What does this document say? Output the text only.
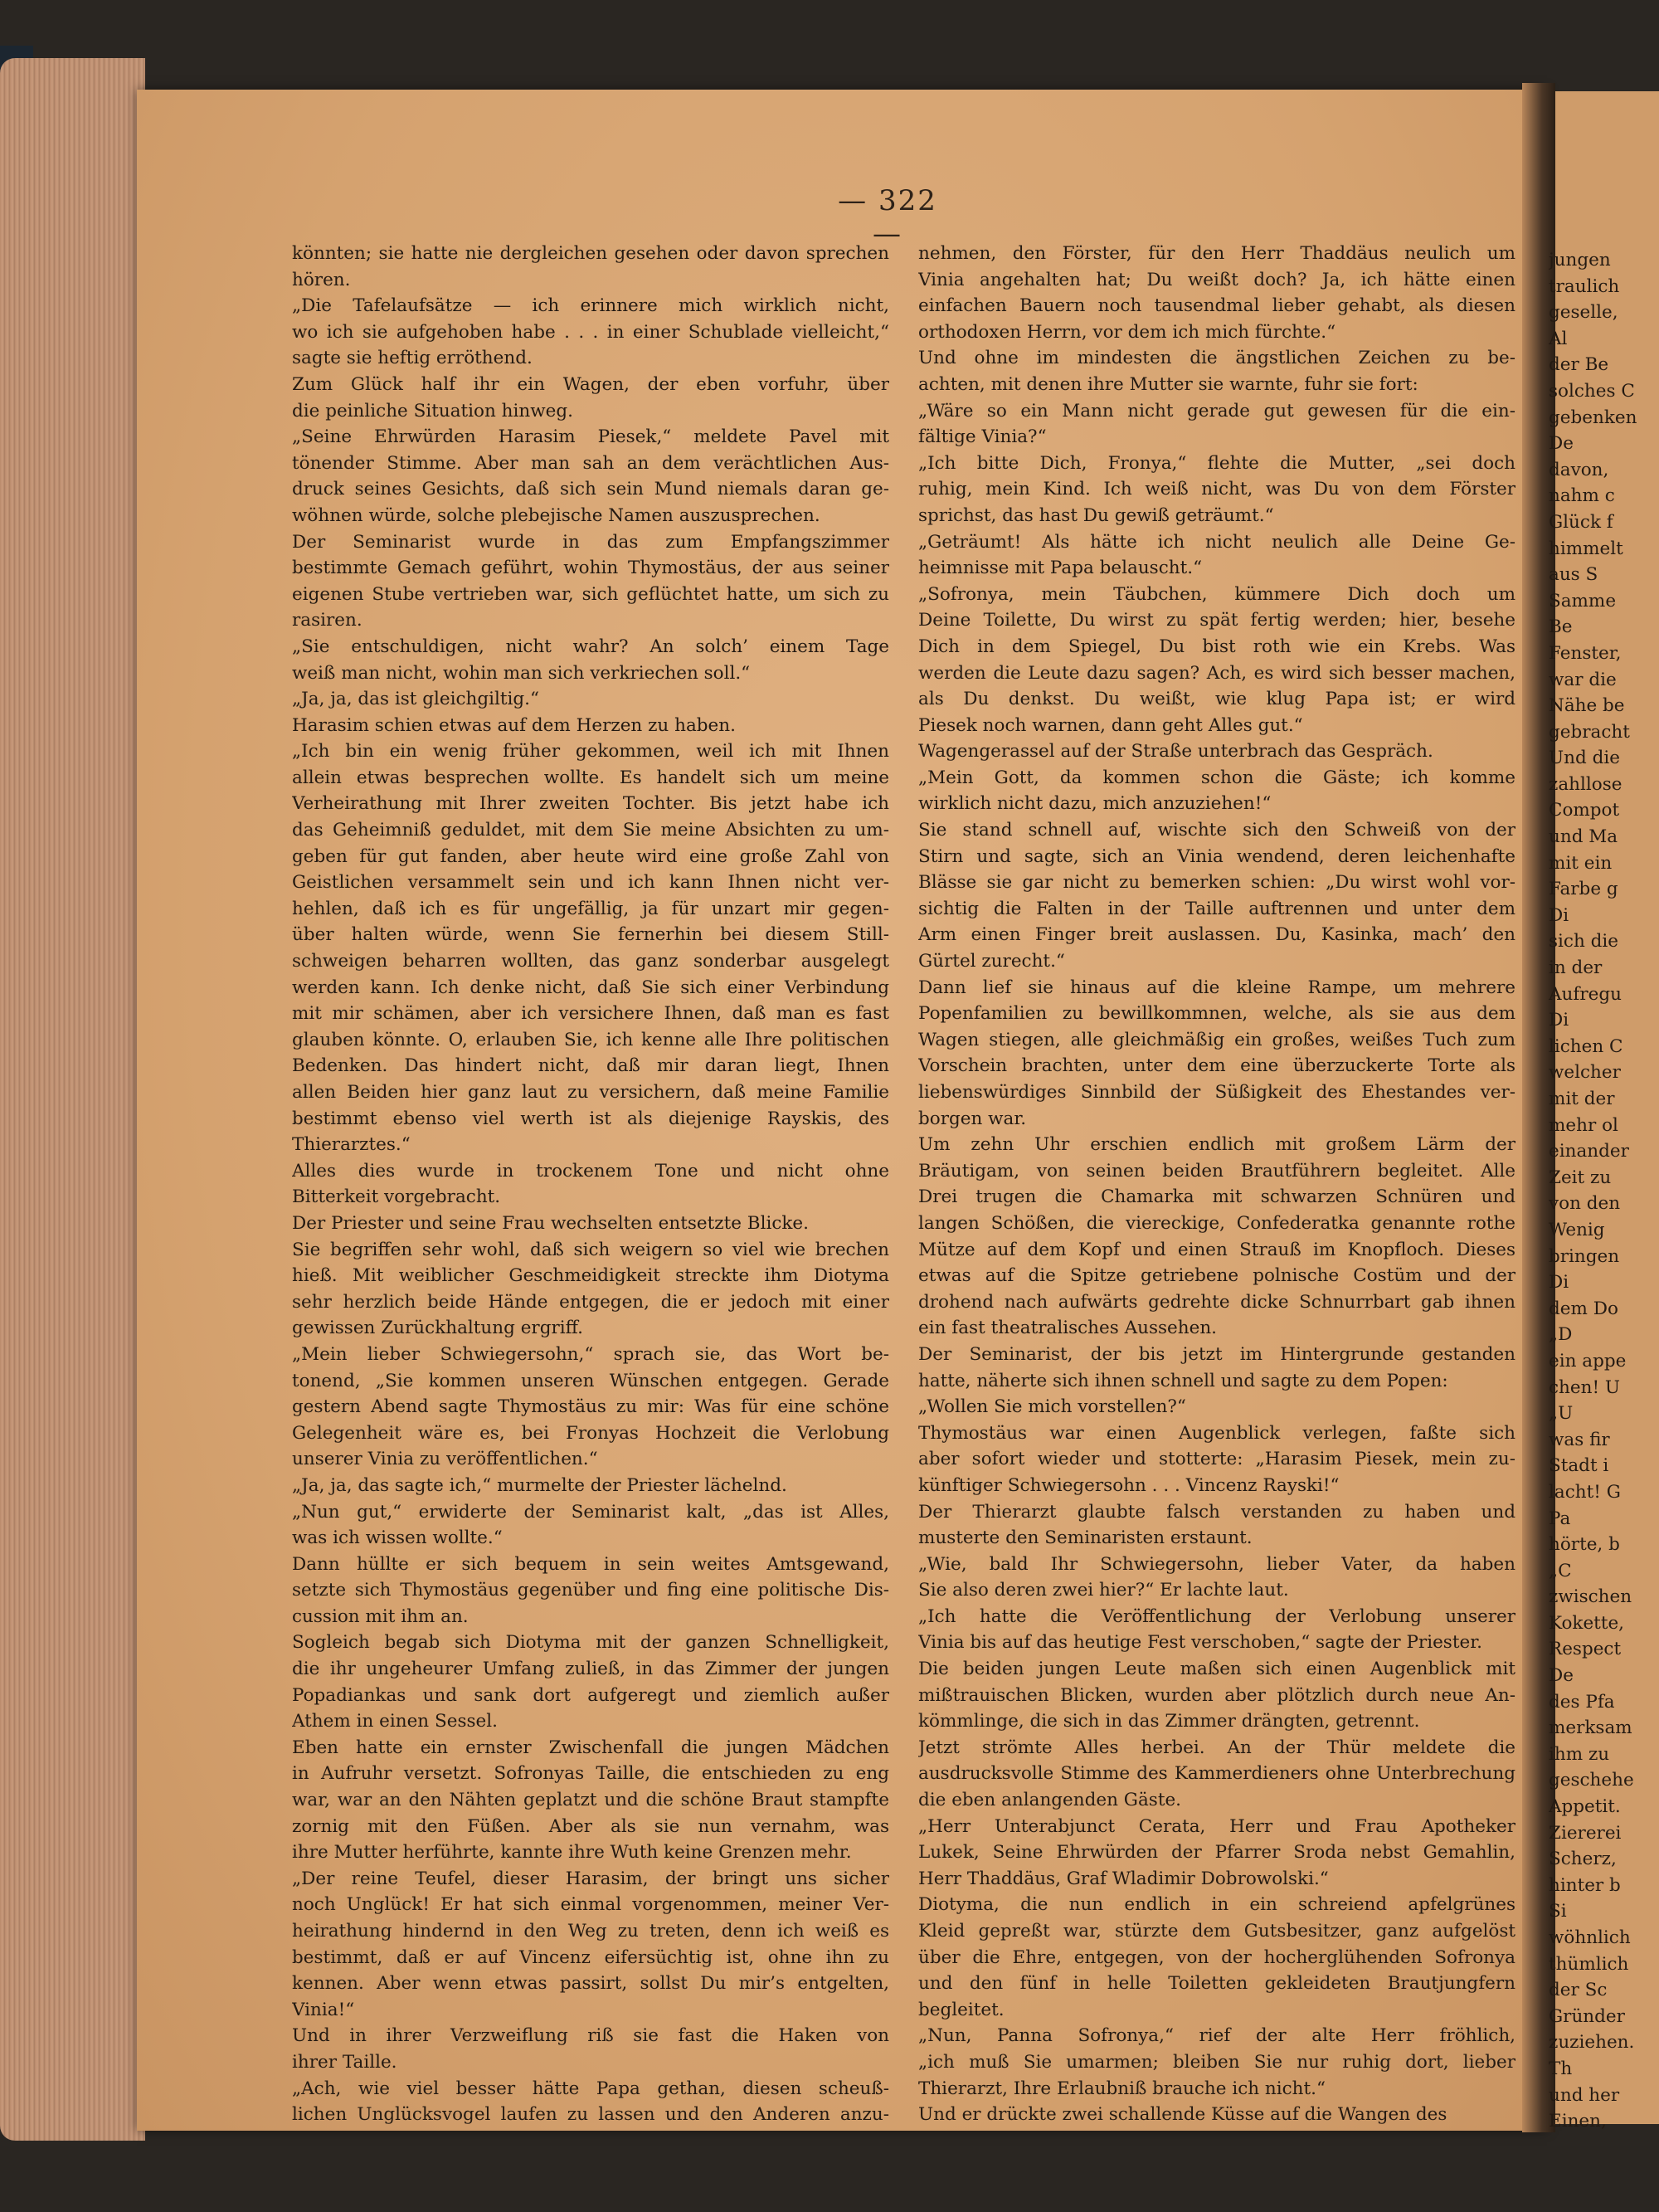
— 322 —
könnten; sie hatte nie dergleichen gesehen oder davon sprechen
hören.
„Die Tafelaufsätze — ich erinnere mich wirklich nicht,
wo ich sie aufgehoben habe . . . in einer Schublade vielleicht,“
sagte sie heftig erröthend.
Zum Glück half ihr ein Wagen, der eben vorfuhr, über
die peinliche Situation hinweg.
„Seine Ehrwürden Harasim Piesek,“ meldete Pavel mit
tönender Stimme. Aber man sah an dem verächtlichen Aus-
druck seines Gesichts, daß sich sein Mund niemals daran ge-
wöhnen würde, solche plebejische Namen auszusprechen.
Der Seminarist wurde in das zum Empfangszimmer
bestimmte Gemach geführt, wohin Thymostäus, der aus seiner
eigenen Stube vertrieben war, sich geflüchtet hatte, um sich zu
rasiren.
„Sie entschuldigen, nicht wahr? An solch’ einem Tage
weiß man nicht, wohin man sich verkriechen soll.“
„Ja, ja, das ist gleichgiltig.“
Harasim schien etwas auf dem Herzen zu haben.
„Ich bin ein wenig früher gekommen, weil ich mit Ihnen
allein etwas besprechen wollte. Es handelt sich um meine
Verheirathung mit Ihrer zweiten Tochter. Bis jetzt habe ich
das Geheimniß geduldet, mit dem Sie meine Absichten zu um-
geben für gut fanden, aber heute wird eine große Zahl von
Geistlichen versammelt sein und ich kann Ihnen nicht ver-
hehlen, daß ich es für ungefällig, ja für unzart mir gegen-
über halten würde, wenn Sie fernerhin bei diesem Still-
schweigen beharren wollten, das ganz sonderbar ausgelegt
werden kann. Ich denke nicht, daß Sie sich einer Verbindung
mit mir schämen, aber ich versichere Ihnen, daß man es fast
glauben könnte. O, erlauben Sie, ich kenne alle Ihre politischen
Bedenken. Das hindert nicht, daß mir daran liegt, Ihnen
allen Beiden hier ganz laut zu versichern, daß meine Familie
bestimmt ebenso viel werth ist als diejenige Rayskis, des
Thierarztes.“
Alles dies wurde in trockenem Tone und nicht ohne
Bitterkeit vorgebracht.
Der Priester und seine Frau wechselten entsetzte Blicke.
Sie begriffen sehr wohl, daß sich weigern so viel wie brechen
hieß. Mit weiblicher Geschmeidigkeit streckte ihm Diotyma
sehr herzlich beide Hände entgegen, die er jedoch mit einer
gewissen Zurückhaltung ergriff.
„Mein lieber Schwiegersohn,“ sprach sie, das Wort be-
tonend, „Sie kommen unseren Wünschen entgegen. Gerade
gestern Abend sagte Thymostäus zu mir: Was für eine schöne
Gelegenheit wäre es, bei Fronyas Hochzeit die Verlobung
unserer Vinia zu veröffentlichen.“
„Ja, ja, das sagte ich,“ murmelte der Priester lächelnd.
„Nun gut,“ erwiderte der Seminarist kalt, „das ist Alles,
was ich wissen wollte.“
Dann hüllte er sich bequem in sein weites Amtsgewand,
setzte sich Thymostäus gegenüber und fing eine politische Dis-
cussion mit ihm an.
Sogleich begab sich Diotyma mit der ganzen Schnelligkeit,
die ihr ungeheurer Umfang zuließ, in das Zimmer der jungen
Popadiankas und sank dort aufgeregt und ziemlich außer
Athem in einen Sessel.
Eben hatte ein ernster Zwischenfall die jungen Mädchen
in Aufruhr versetzt. Sofronyas Taille, die entschieden zu eng
war, war an den Nähten geplatzt und die schöne Braut stampfte
zornig mit den Füßen. Aber als sie nun vernahm, was
ihre Mutter herführte, kannte ihre Wuth keine Grenzen mehr.
„Der reine Teufel, dieser Harasim, der bringt uns sicher
noch Unglück! Er hat sich einmal vorgenommen, meiner Ver-
heirathung hindernd in den Weg zu treten, denn ich weiß es
bestimmt, daß er auf Vincenz eifersüchtig ist, ohne ihn zu
kennen. Aber wenn etwas passirt, sollst Du mir’s entgelten,
Vinia!“
Und in ihrer Verzweiflung riß sie fast die Haken von
ihrer Taille.
„Ach, wie viel besser hätte Papa gethan, diesen scheuß-
lichen Unglücksvogel laufen zu lassen und den Anderen anzu-
nehmen, den Förster, für den Herr Thaddäus neulich um
Vinia angehalten hat; Du weißt doch? Ja, ich hätte einen
einfachen Bauern noch tausendmal lieber gehabt, als diesen
orthodoxen Herrn, vor dem ich mich fürchte.“
Und ohne im mindesten die ängstlichen Zeichen zu be-
achten, mit denen ihre Mutter sie warnte, fuhr sie fort:
„Wäre so ein Mann nicht gerade gut gewesen für die ein-
fältige Vinia?“
„Ich bitte Dich, Fronya,“ flehte die Mutter, „sei doch
ruhig, mein Kind. Ich weiß nicht, was Du von dem Förster
sprichst, das hast Du gewiß geträumt.“
„Geträumt! Als hätte ich nicht neulich alle Deine Ge-
heimnisse mit Papa belauscht.“
„Sofronya, mein Täubchen, kümmere Dich doch um
Deine Toilette, Du wirst zu spät fertig werden; hier, besehe
Dich in dem Spiegel, Du bist roth wie ein Krebs. Was
werden die Leute dazu sagen? Ach, es wird sich besser machen,
als Du denkst. Du weißt, wie klug Papa ist; er wird
Piesek noch warnen, dann geht Alles gut.“
Wagengerassel auf der Straße unterbrach das Gespräch.
„Mein Gott, da kommen schon die Gäste; ich komme
wirklich nicht dazu, mich anzuziehen!“
Sie stand schnell auf, wischte sich den Schweiß von der
Stirn und sagte, sich an Vinia wendend, deren leichenhafte
Blässe sie gar nicht zu bemerken schien: „Du wirst wohl vor-
sichtig die Falten in der Taille auftrennen und unter dem
Arm einen Finger breit auslassen. Du, Kasinka, mach’ den
Gürtel zurecht.“
Dann lief sie hinaus auf die kleine Rampe, um mehrere
Popenfamilien zu bewillkommnen, welche, als sie aus dem
Wagen stiegen, alle gleichmäßig ein großes, weißes Tuch zum
Vorschein brachten, unter dem eine überzuckerte Torte als
liebenswürdiges Sinnbild der Süßigkeit des Ehestandes ver-
borgen war.
Um zehn Uhr erschien endlich mit großem Lärm der
Bräutigam, von seinen beiden Brautführern begleitet. Alle
Drei trugen die Chamarka mit schwarzen Schnüren und
langen Schößen, die viereckige, Confederatka genannte rothe
Mütze auf dem Kopf und einen Strauß im Knopfloch. Dieses
etwas auf die Spitze getriebene polnische Costüm und der
drohend nach aufwärts gedrehte dicke Schnurrbart gab ihnen
ein fast theatralisches Aussehen.
Der Seminarist, der bis jetzt im Hintergrunde gestanden
hatte, näherte sich ihnen schnell und sagte zu dem Popen:
„Wollen Sie mich vorstellen?“
Thymostäus war einen Augenblick verlegen, faßte sich
aber sofort wieder und stotterte: „Harasim Piesek, mein zu-
künftiger Schwiegersohn . . . Vincenz Rayski!“
Der Thierarzt glaubte falsch verstanden zu haben und
musterte den Seminaristen erstaunt.
„Wie, bald Ihr Schwiegersohn, lieber Vater, da haben
Sie also deren zwei hier?“ Er lachte laut.
„Ich hatte die Veröffentlichung der Verlobung unserer
Vinia bis auf das heutige Fest verschoben,“ sagte der Priester.
Die beiden jungen Leute maßen sich einen Augenblick mit
mißtrauischen Blicken, wurden aber plötzlich durch neue An-
kömmlinge, die sich in das Zimmer drängten, getrennt.
Jetzt strömte Alles herbei. An der Thür meldete die
ausdrucksvolle Stimme des Kammerdieners ohne Unterbrechung
die eben anlangenden Gäste.
„Herr Unterabjunct Cerata, Herr und Frau Apotheker
Lukek, Seine Ehrwürden der Pfarrer Sroda nebst Gemahlin,
Herr Thaddäus, Graf Wladimir Dobrowolski.“
Diotyma, die nun endlich in ein schreiend apfelgrünes
Kleid gepreßt war, stürzte dem Gutsbesitzer, ganz aufgelöst
über die Ehre, entgegen, von der hocherglühenden Sofronya
und den fünf in helle Toiletten gekleideten Brautjungfern
begleitet.
„Nun, Panna Sofronya,“ rief der alte Herr fröhlich,
„ich muß Sie umarmen; bleiben Sie nur ruhig dort, lieber
Thierarzt, Ihre Erlaubniß brauche ich nicht.“
Und er drückte zwei schallende Küsse auf die Wangen des
jungen
traulich
geselle,
Al
der Be
solches C
gebenken
De
davon,
nahm c
Glück f
himmelt
aus S
Samme
Be
Fenster,
war die
Nähe be
gebracht
Und die
zahllose
Compot
und Ma
mit ein
Farbe g
Di
sich die
in der
Aufregu
Di
lichen C
welcher
mit der
mehr ol
einander
Zeit zu
von den
Wenig
bringen
Di
dem Do
„D
ein appe
chen! U
„U
was fir
Stadt i
lacht! G
Pa
hörte, b
„C
zwischen
Kokette,
Respect
De
des Pfa
merksam
ihm zu
geschehe
Appetit.
Ziererei
Scherz,
hinter b
Si
wöhnlich
thümlich
der Sc
Gründer
zuziehen.
Th
und her
Einen,
